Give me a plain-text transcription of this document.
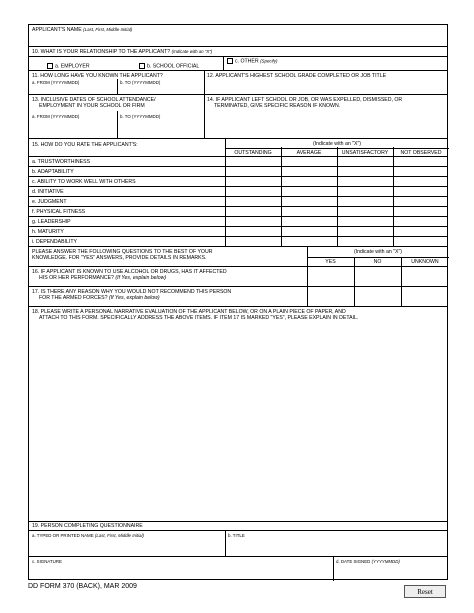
APPLICANT'S NAME (Last, First, Middle Initial)
10. WHAT IS YOUR RELATIONSHIP TO THE APPLICANT? (Indicate with an "X")
a. EMPLOYER	b. SCHOOL OFFICIAL
c. OTHER (Specify)
11. HOW LONG HAVE YOU KNOWN THE APPLICANT?
a. FROM (YYYYMMDD)	b. TO (YYYYMMDD)
12. APPLICANT'S HIGHEST SCHOOL GRADE COMPLETED OR JOB TITLE
13. INCLUSIVE DATES OF SCHOOL ATTENDANCE/
EMPLOYMENT IN YOUR SCHOOL OR FIRM
a. FROM (YYYYMMDD)	b. TO (YYYYMMDD)
14. IF APPLICANT LEFT SCHOOL OR JOB, OR WAS EXPELLED, DISMISSED, OR
TERMINATED, GIVE SPECIFIC REASON IF KNOWN.
15. HOW DO YOU RATE THE APPLICANT'S:	(Indicate with an "X")
OUTSTANDING	AVERAGE	UNSATISFACTORY	NOT OBSERVED
a. TRUSTWORTHINESS
b. ADAPTABILITY
c. ABILITY TO WORK WELL WITH OTHERS
d. INITIATIVE
e. JUDGMENT
f. PHYSICAL FITNESS
g. LEADERSHIP
h. MATURITY
i. DEPENDABILITY
PLEASE ANSWER THE FOLLOWING QUESTIONS TO THE BEST OF YOUR
KNOWLEDGE. FOR "YES" ANSWERS, PROVIDE DETAILS IN REMARKS.
(Indicate with an "X")
YES	NO	UNKNOWN
16. IF APPLICANT IS KNOWN TO USE ALCOHOL OR DRUGS, HAS IT AFFECTED
HIS OR HER PERFORMANCE? (If Yes, explain below)
17. IS THERE ANY REASON WHY YOU WOULD NOT RECOMMEND THIS PERSON
FOR THE ARMED FORCES? (If Yes, explain below)
18. PLEASE WRITE A PERSONAL NARRATIVE EVALUATION OF THE APPLICANT BELOW, OR ON A PLAIN PIECE OF PAPER, AND
ATTACH TO THIS FORM. SPECIFICALLY ADDRESS THE ABOVE ITEMS. IF ITEM 17 IS MARKED "YES", PLEASE EXPLAIN IN DETAIL.
19. PERSON COMPLETING QUESTIONNAIRE
a. TYPED OR PRINTED NAME (Last, First, Middle Initial)	b. TITLE
c. SIGNATURE	d. DATE SIGNED (YYYYMMDD)
DD FORM 370 (BACK), MAR 2009
Reset
